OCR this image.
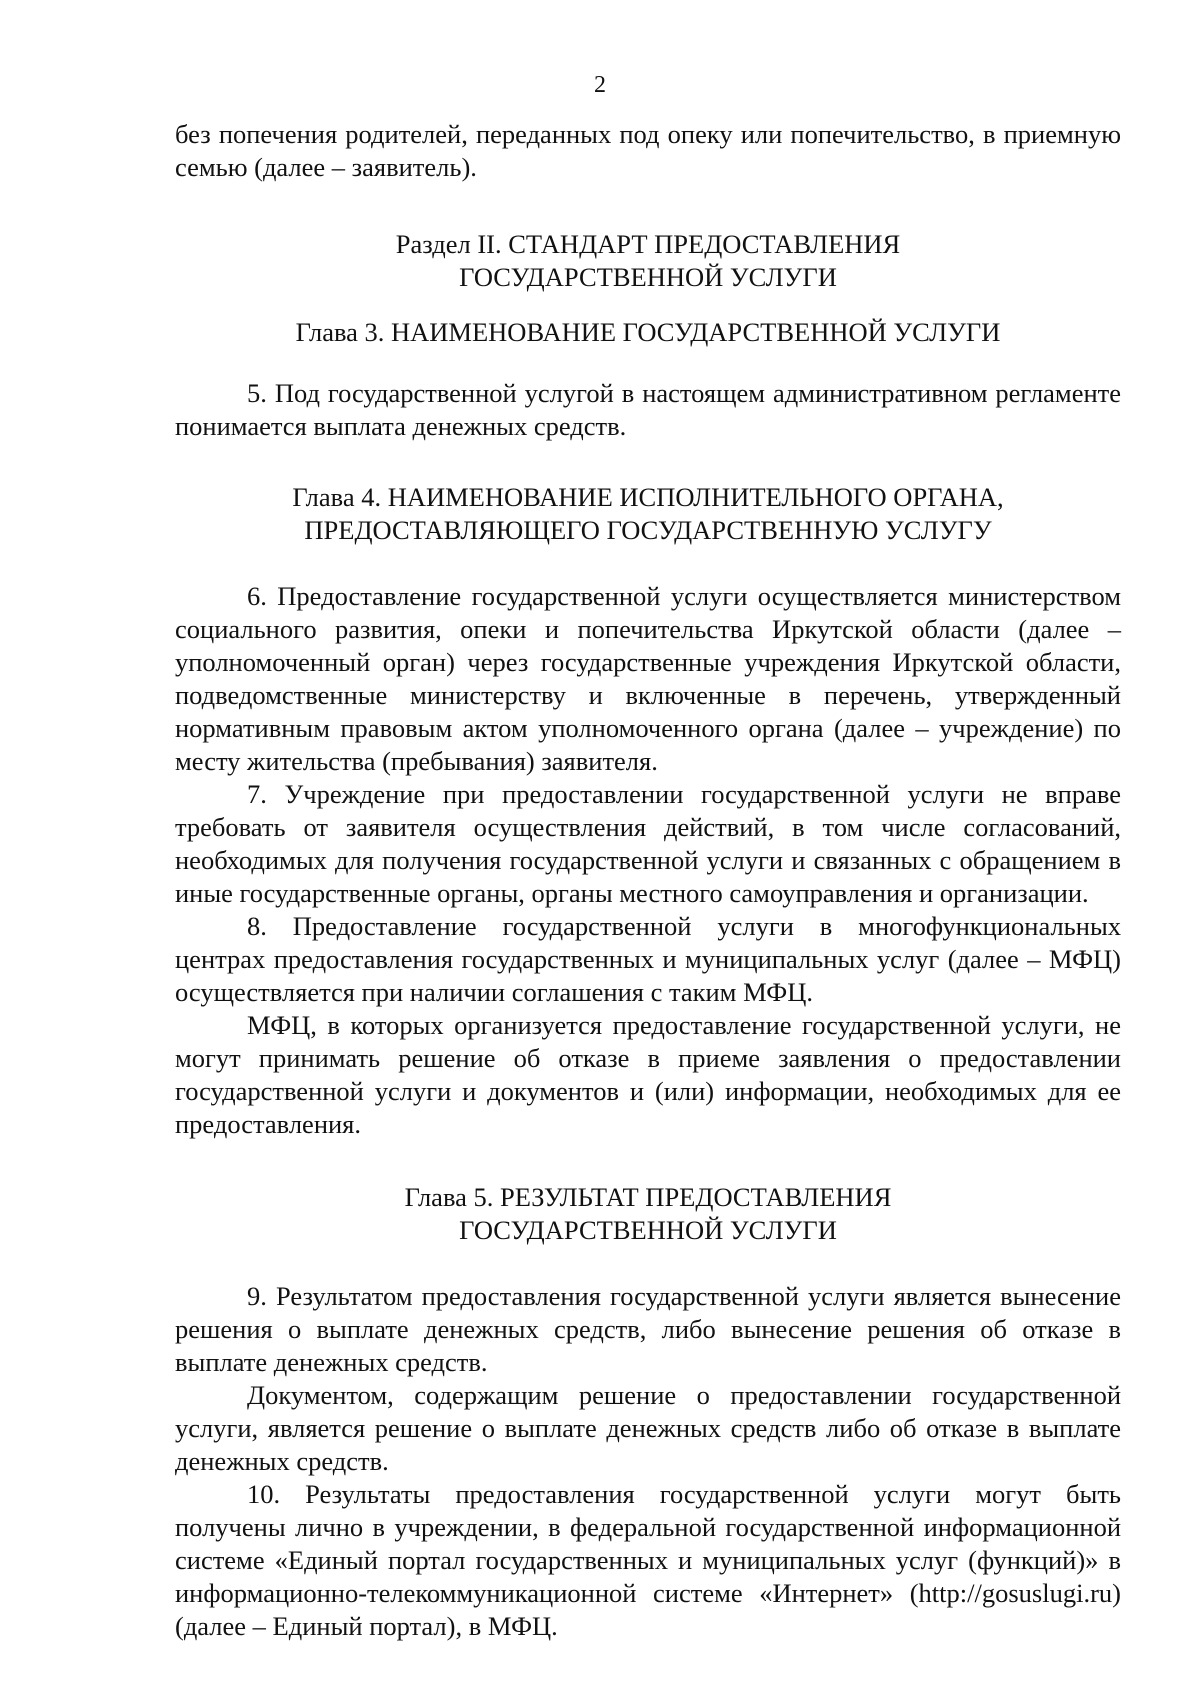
2

без попечения родителей, переданных под опеку или попечительство, в приемную семью (далее – заявитель).

Раздел II. СТАНДАРТ ПРЕДОСТАВЛЕНИЯ
ГОСУДАРСТВЕННОЙ УСЛУГИ
Глава 3. НАИМЕНОВАНИЕ ГОСУДАРСТВЕННОЙ УСЛУГИ

5. Под государственной услугой в настоящем административном регламенте понимается выплата денежных средств.

Глава 4. НАИМЕНОВАНИЕ ИСПОЛНИТЕЛЬНОГО ОРГАНА,
ПРЕДОСТАВЛЯЮЩЕГО ГОСУДАРСТВЕННУЮ УСЛУГУ

6. Предоставление государственной услуги осуществляется министерством социального развития, опеки и попечительства Иркутской области (далее – уполномоченный орган) через государственные учреждения Иркутской области, подведомственные министерству и включенные в перечень, утвержденный нормативным правовым актом уполномоченного органа (далее – учреждение) по месту жительства (пребывания) заявителя.

7. Учреждение при предоставлении государственной услуги не вправе требовать от заявителя осуществления действий, в том числе согласований, необходимых для получения государственной услуги и связанных с обращением в иные государственные органы, органы местного самоуправления и организации.

8. Предоставление государственной услуги в многофункциональных центрах предоставления государственных и муниципальных услуг (далее – МФЦ) осуществляется при наличии соглашения с таким МФЦ.

МФЦ, в которых организуется предоставление государственной услуги, не могут принимать решение об отказе в приеме заявления о предоставлении государственной услуги и документов и (или) информации, необходимых для ее предоставления.

Глава 5. РЕЗУЛЬТАТ ПРЕДОСТАВЛЕНИЯ
ГОСУДАРСТВЕННОЙ УСЛУГИ

9. Результатом предоставления государственной услуги является вынесение решения о выплате денежных средств, либо вынесение решения об отказе в выплате денежных средств.

Документом, содержащим решение о предоставлении государственной услуги, является решение о выплате денежных средств либо об отказе в выплате денежных средств.

10. Результаты предоставления государственной услуги могут быть получены лично в учреждении, в федеральной государственной информационной системе «Единый портал государственных и муниципальных услуг (функций)» в информационно-телекоммуникационной системе «Интернет» (http://gosuslugi.ru) (далее – Единый портал), в МФЦ.
